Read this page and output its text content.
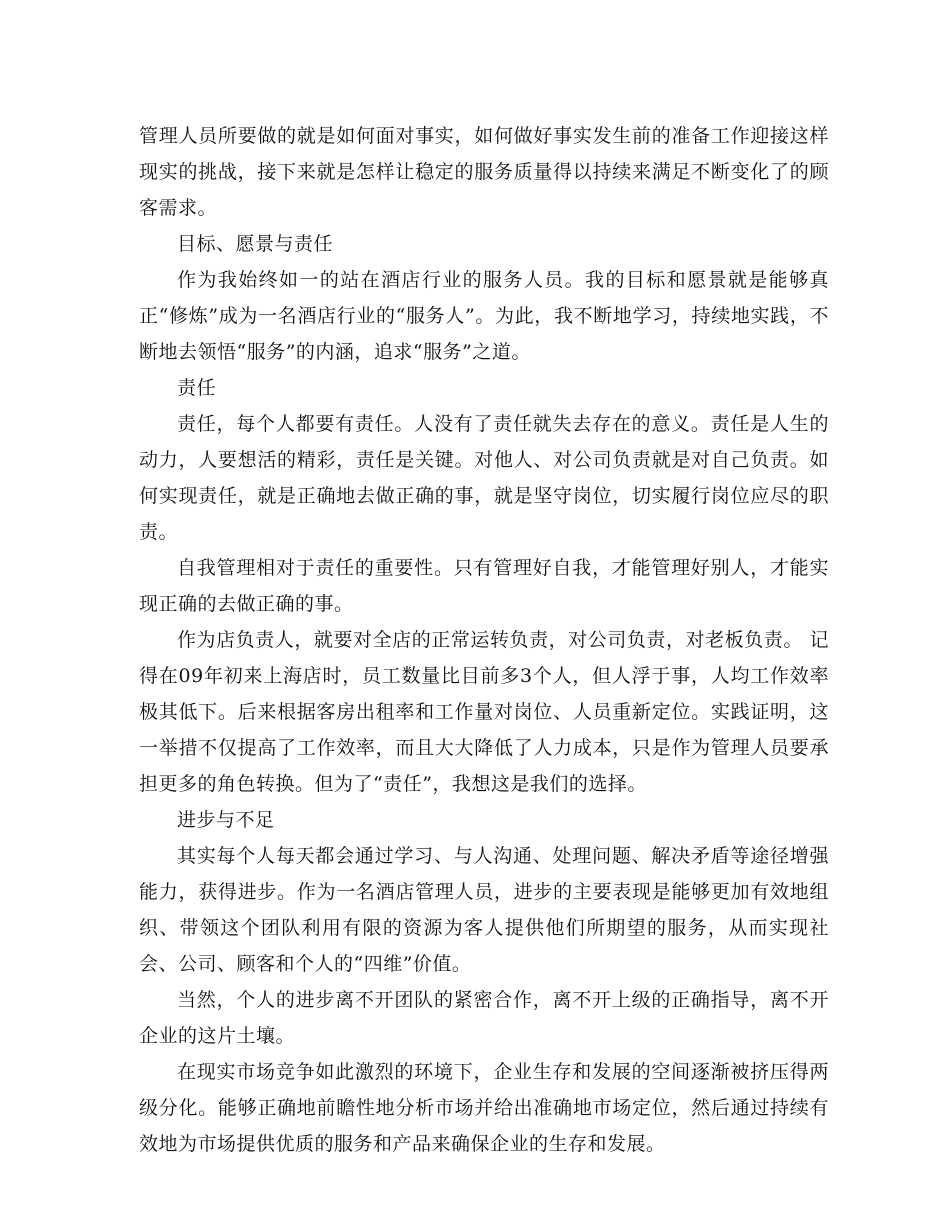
管理人员所要做的就是如何面对事实，如何做好事实发生前的准备工作迎接这样现实的挑战，接下来就是怎样让稳定的服务质量得以持续来满足不断变化了的顾客需求。

目标、愿景与责任

作为我始终如一的站在酒店行业的服务人员。我的目标和愿景就是能够真正“修炼”成为一名酒店行业的“服务人”。为此，我不断地学习，持续地实践，不断地去领悟“服务”的内涵，追求“服务”之道。

责任

责任，每个人都要有责任。人没有了责任就失去存在的意义。责任是人生的动力，人要想活的精彩，责任是关键。对他人、对公司负责就是对自己负责。如何实现责任，就是正确地去做正确的事，就是坚守岗位，切实履行岗位应尽的职责。

自我管理相对于责任的重要性。只有管理好自我，才能管理好别人，才能实现正确的去做正确的事。

作为店负责人，就要对全店的正常运转负责，对公司负责，对老板负责。 记得在09年初来上海店时，员工数量比目前多3个人，但人浮于事，人均工作效率极其低下。后来根据客房出租率和工作量对岗位、人员重新定位。实践证明，这一举措不仅提高了工作效率，而且大大降低了人力成本，只是作为管理人员要承担更多的角色转换。但为了“责任”，我想这是我们的选择。

进步与不足

其实每个人每天都会通过学习、与人沟通、处理问题、解决矛盾等途径增强能力，获得进步。作为一名酒店管理人员，进步的主要表现是能够更加有效地组织、带领这个团队利用有限的资源为客人提供他们所期望的服务，从而实现社会、公司、顾客和个人的“四维”价值。

当然，个人的进步离不开团队的紧密合作，离不开上级的正确指导，离不开企业的这片土壤。

在现实市场竞争如此激烈的环境下，企业生存和发展的空间逐渐被挤压得两级分化。能够正确地前瞻性地分析市场并给出准确地市场定位，然后通过持续有效地为市场提供优质的服务和产品来确保企业的生存和发展。
